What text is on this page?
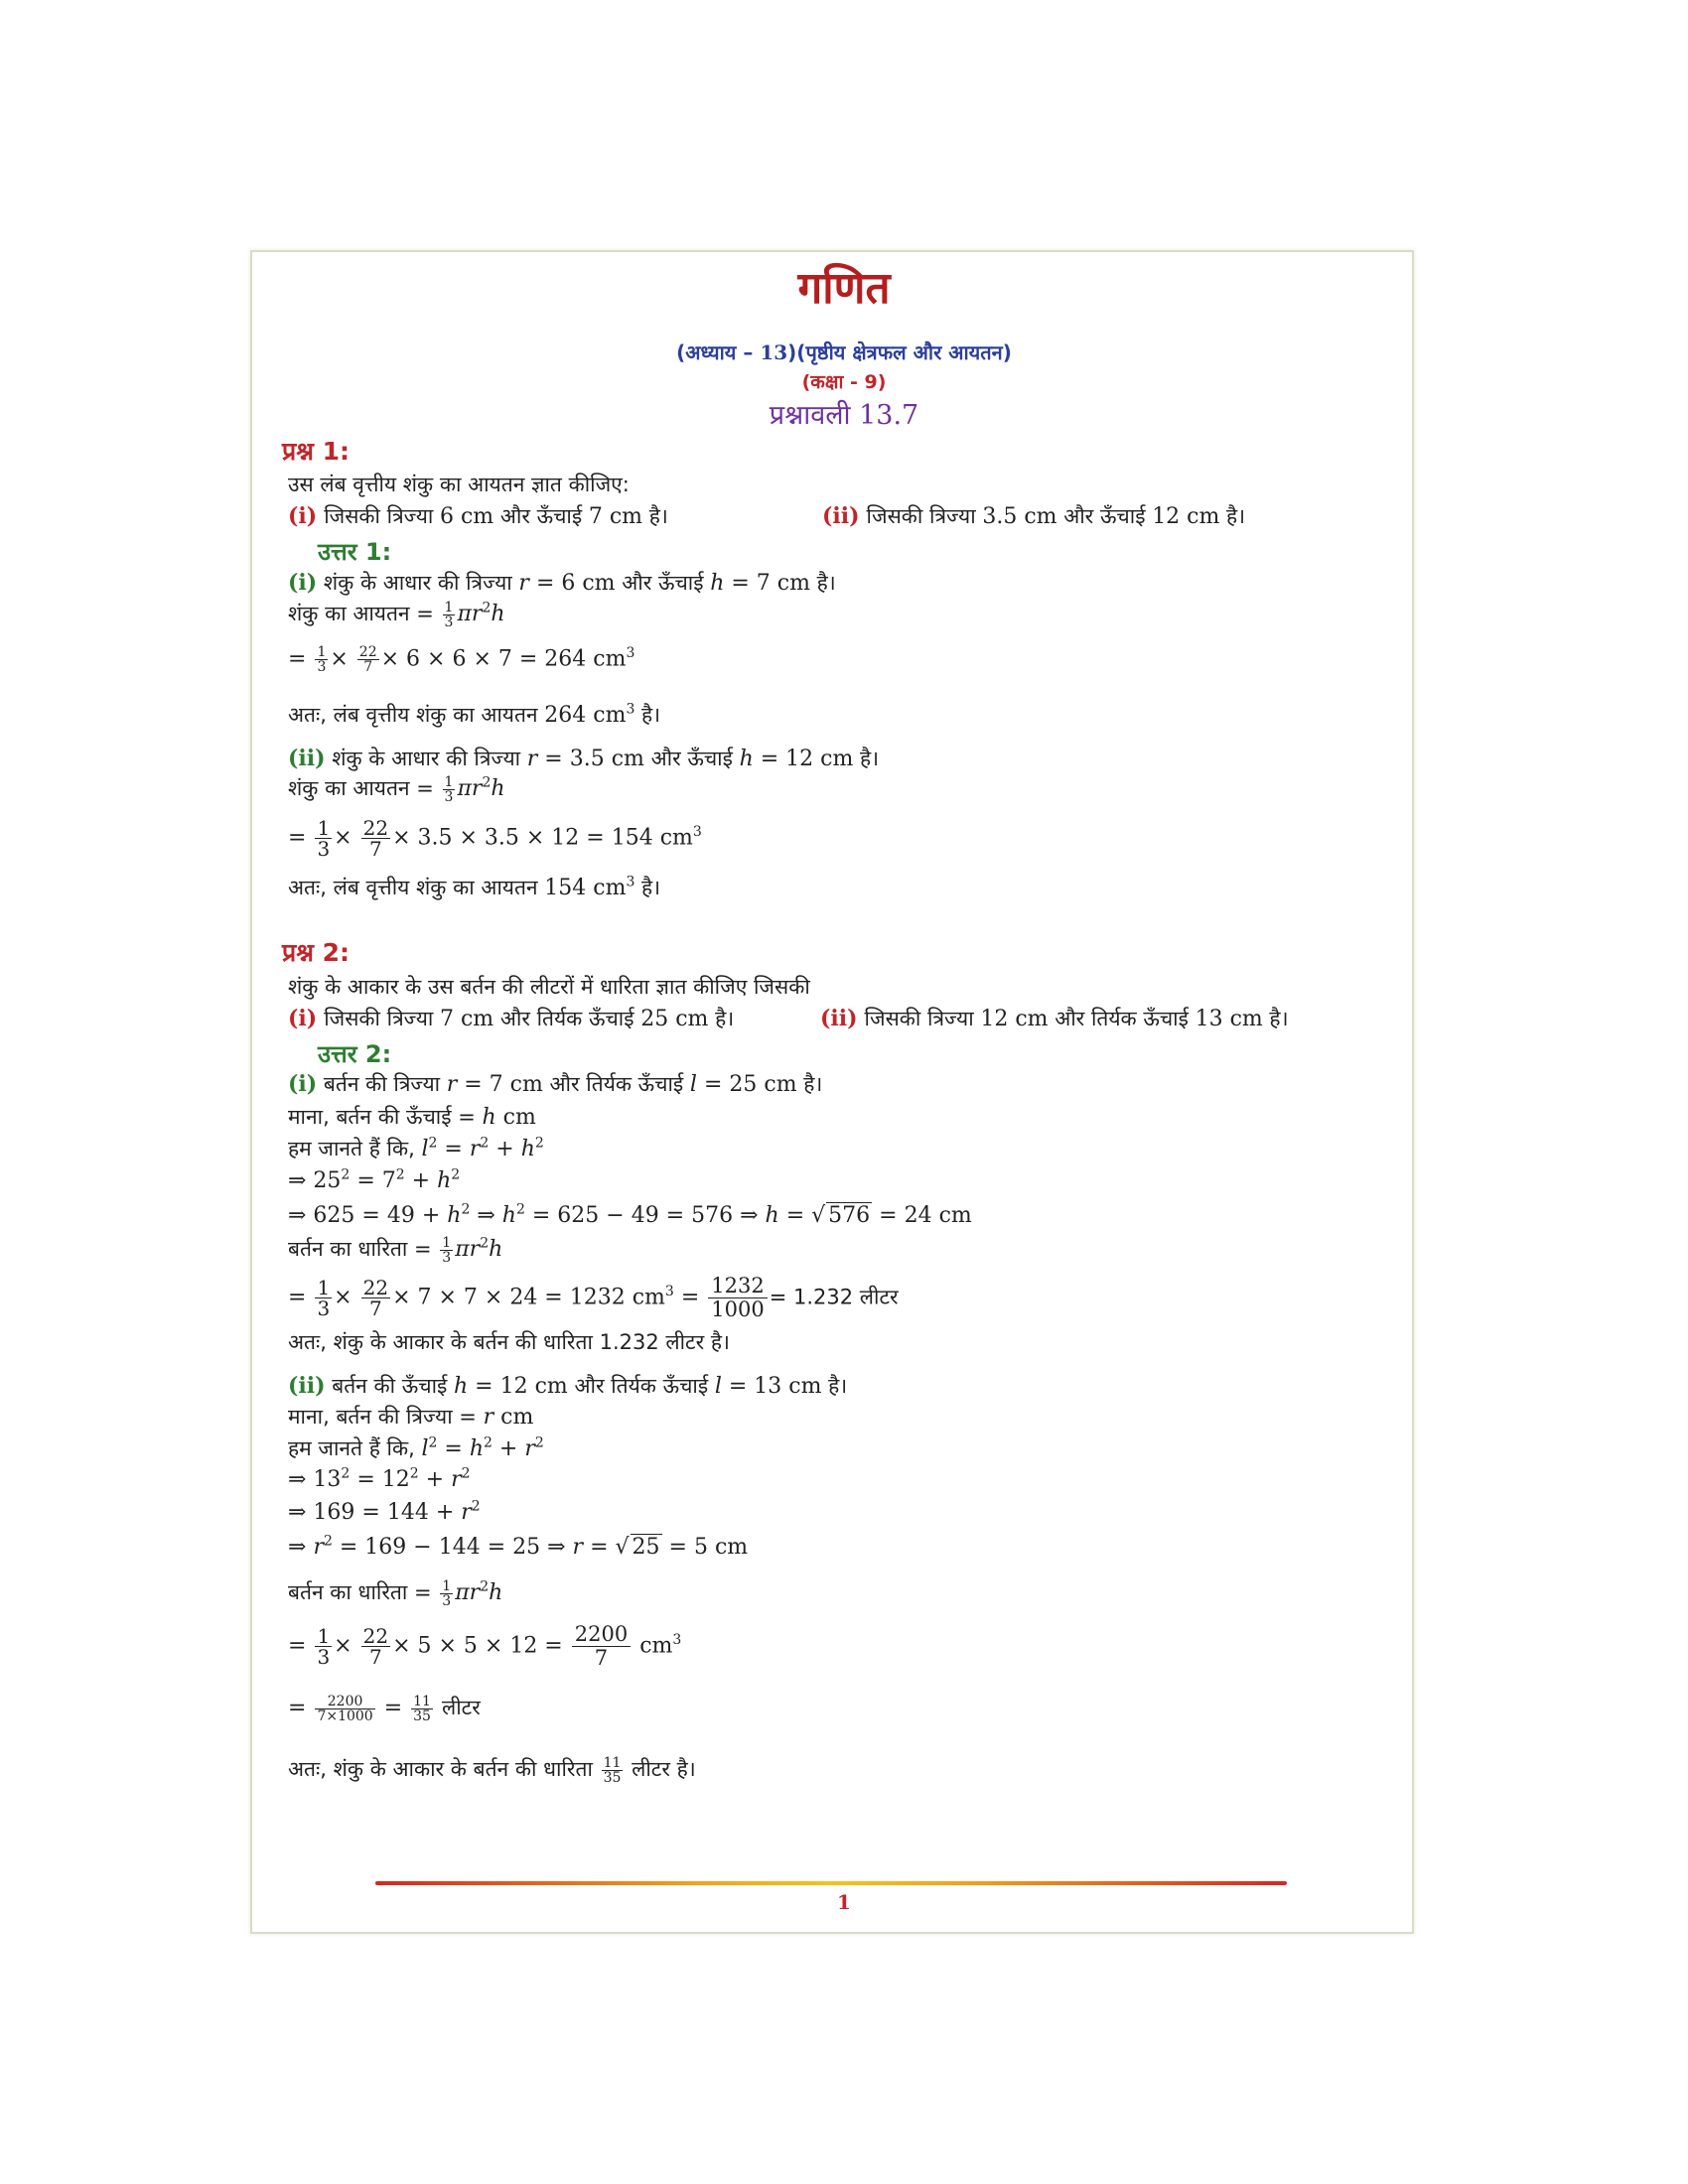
गणित
(अध्याय – 13)(पृष्ठीय क्षेत्रफल और आयतन)
(कक्षा - 9)
प्रश्नावली 13.7
प्रश्न 1:
उस लंब वृत्तीय शंकु का आयतन ज्ञात कीजिए:
(i) जिसकी त्रिज्या 6 cm और ऊँचाई 7 cm है।	(ii) जिसकी त्रिज्या 3.5 cm और ऊँचाई 12 cm है।
उत्तर 1:
(i) शंकु के आधार की त्रिज्या r = 6 cm और ऊँचाई h = 7 cm है।
शंकु का आयतन = $\frac{1}{3} \pi r^2h$
= $\frac{1}{3} \times \frac{22}{7} \times 6 \times 6 \times 7 = 264$ $cm^3$
अतः, लंब वृत्तीय शंकु का आयतन 264 $cm^3$ है।
(ii) शंकु के आधार की त्रिज्या r = 3.5 cm और ऊँचाई h = 12 cm है।
शंकु का आयतन = $\frac{1}{3} \pi r^2h$
= $\frac{1}{3} \times \frac{22}{7} \times 3.5 \times 3.5 \times 12 = 154$ $cm^3$
अतः, लंब वृत्तीय शंकु का आयतन 154 $cm^3$ है।
प्रश्न 2:
शंकु के आकार के उस बर्तन की लीटरों में धारिता ज्ञात कीजिए जिसकी
(i) जिसकी त्रिज्या 7 cm और तिर्यक ऊँचाई 25 cm है।	(ii) जिसकी त्रिज्या 12 cm और तिर्यक ऊँचाई 13 cm है।
उत्तर 2:
(i) बर्तन की त्रिज्या r = 7 cm और तिर्यक ऊँचाई l = 25 cm है।
माना, बर्तन की ऊँचाई = h cm
हम जानते हैं कि, $l^2 = r^2 + h^2$
⇒ $25^2 = 7^2 + h^2$
⇒ $625 = 49 + h^2$ ⇒ $h^2 = 625 - 49 = 576$ ⇒ h = √ 576 = 24 cm
बर्तन का धारिता = $\frac{1}{3} \pi r^2h$
= $\frac{1}{3} \times \frac{22}{7} \times 7 \times 7 \times 24 = 1232$ $cm^3 = \frac{1232}{1000} = 1.232$ लीटर
अतः, शंकु के आकार के बर्तन की धारिता 1.232 लीटर है।
(ii) बर्तन की ऊँचाई h = 12 cm और तिर्यक ऊँचाई l = 13 cm है।
माना, बर्तन की त्रिज्या = r cm
हम जानते हैं कि, $l^2 = h^2 + r^2$
⇒ $13^2 = 12^2 + r^2$
⇒ $169 = 144 + r^2$
⇒ $r^2 = 169 - 144 = 25$ ⇒ r = √ 25 = 5 cm
बर्तन का धारिता = $\frac{1}{3} \pi r^2h$
= $\frac{1}{3} \times \frac{22}{7} \times 5 \times 5 \times 12 = \frac{2200}{7} cm^3$
= $\frac{2200}{7\times 1000} = \frac{11}{35}$ लीटर
अतः, शंकु के आकार के बर्तन की धारिता $\frac{11}{35}$ लीटर है।
1
